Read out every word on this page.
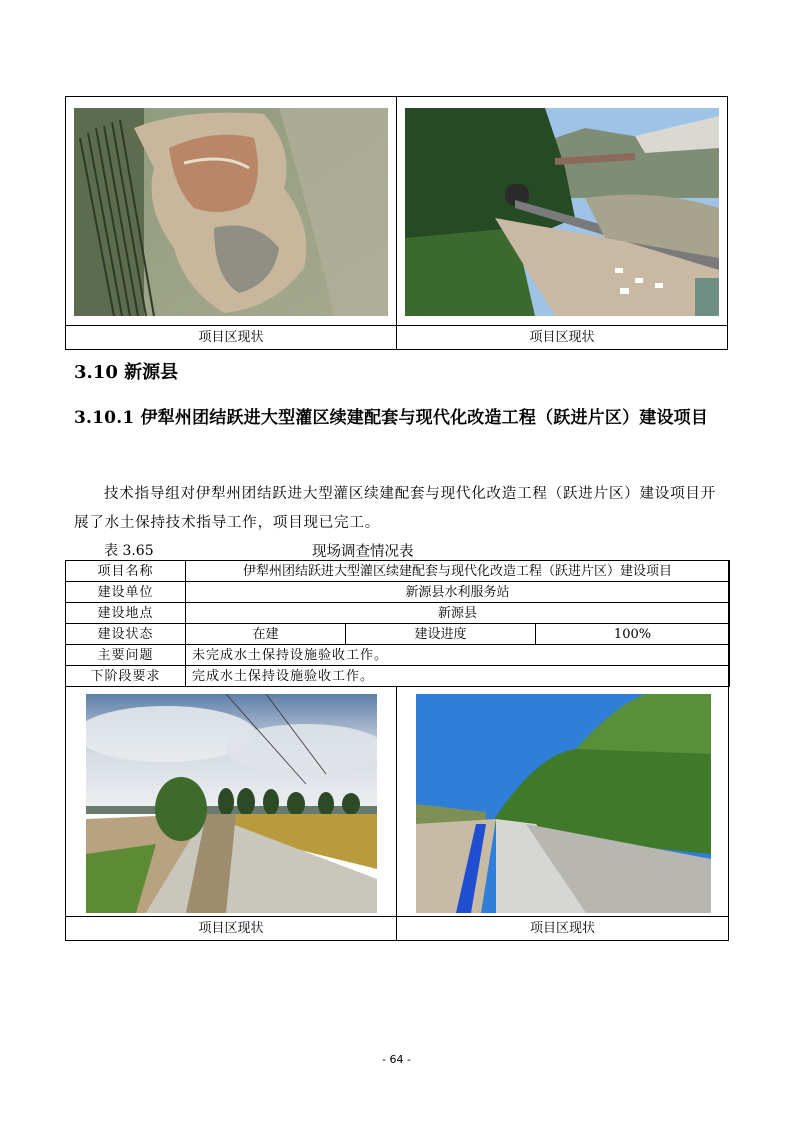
项目区现状	项目区现状
3.10 新源县
3.10.1 伊犁州团结跃进大型灌区续建配套与现代化改造工程（跃进片区）建设项目
技术指导组对伊犁州团结跃进大型灌区续建配套与现代化改造工程（跃进片区）建设项目开展了水土保持技术指导工作，项目现已完工。
表 3.65	现场调查情况表
项目名称	伊犁州团结跃进大型灌区续建配套与现代化改造工程（跃进片区）建设项目		
建设单位	新源县水利服务站		
建设地点	新源县		
建设状态	在建	建设进度	100%
主要问题	未完成水土保持设施验收工作。		
下阶段要求	完成水土保持设施验收工作。		
项目区现状	项目区现状
- 64 -
